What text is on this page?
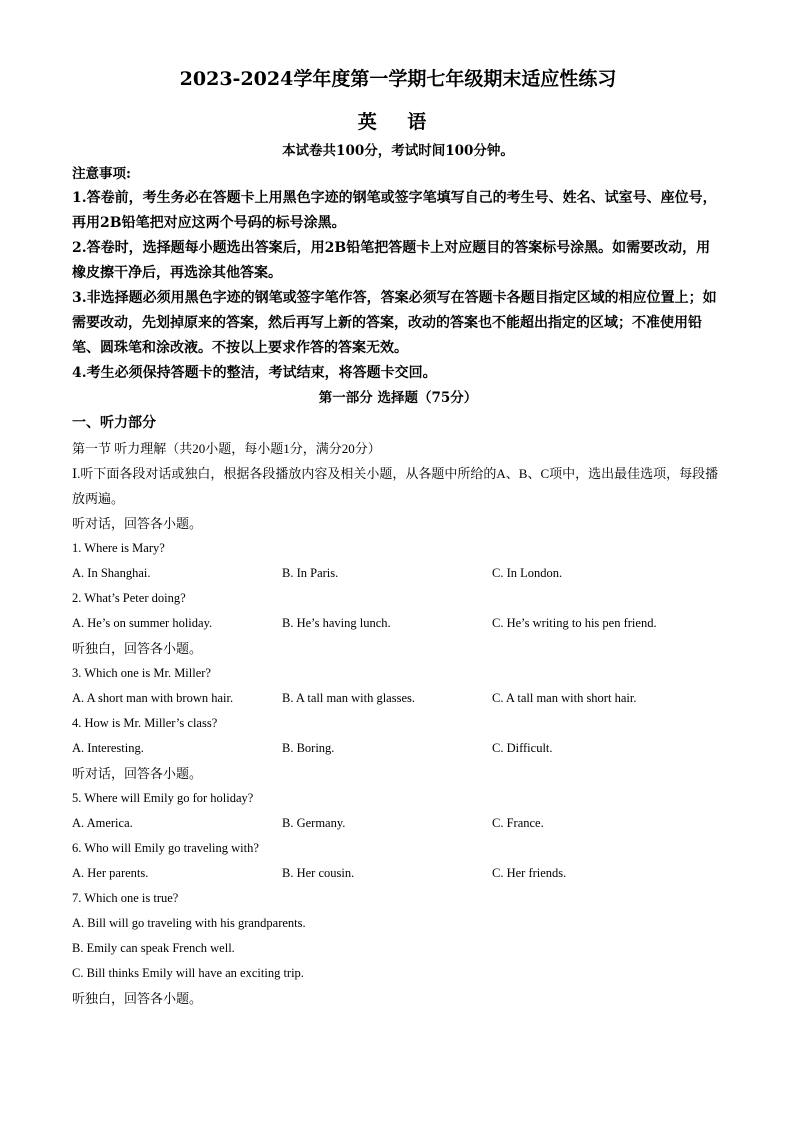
2023-2024学年度第一学期七年级期末适应性练习
英 语

本试卷共100分，考试时间100分钟。

注意事项:

1.答卷前，考生务必在答题卡上用黑色字迹的钢笔或签字笔填写自己的考生号、姓名、试室号、座位号，再用2B铅笔把对应这两个号码的标号涂黑。

2.答卷时，选择题每小题选出答案后，用2B铅笔把答题卡上对应题目的答案标号涂黑。如需要改动，用橡皮擦干净后，再选涂其他答案。

3.非选择题必须用黑色字迹的钢笔或签字笔作答，答案必须写在答题卡各题目指定区域的相应位置上；如需要改动，先划掉原来的答案，然后再写上新的答案，改动的答案也不能超出指定的区域；不准使用铅笔、圆珠笔和涂改液。不按以上要求作答的答案无效。

4.考生必须保持答题卡的整洁，考试结束，将答题卡交回。

第一部分 选择题（75分）

一、听力部分

第一节 听力理解（共20小题，每小题1分，满分20分）

Ⅰ.听下面各段对话或独白，根据各段播放内容及相关小题，从各题中所给的A、B、C项中，选出最佳选项，每段播放两遍。

听对话，回答各小题。

1. Where is Mary?

A. In Shanghai.	B. In Paris.	C. In London.

2. What’s Peter doing?

A. He’s on summer holiday.	B. He’s having lunch.	C. He’s writing to his pen friend.

听独白，回答各小题。

3. Which one is Mr. Miller?

A. A short man with brown hair.	B. A tall man with glasses.	C. A tall man with short hair.

4. How is Mr. Miller’s class?

A. Interesting.	B. Boring.	C. Difficult.

听对话，回答各小题。

5. Where will Emily go for holiday?

A. America.	B. Germany.	C. France.

6. Who will Emily go traveling with?

A. Her parents.	B. Her cousin.	C. Her friends.

7. Which one is true?

A. Bill will go traveling with his grandparents.

B. Emily can speak French well.

C. Bill thinks Emily will have an exciting trip.

听独白，回答各小题。
